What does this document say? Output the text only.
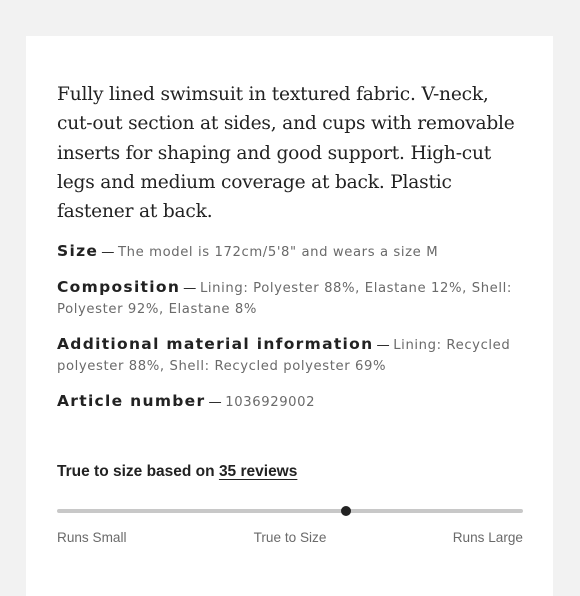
Fully lined swimsuit in textured fabric. V-neck, cut-out section at sides, and cups with removable inserts for shaping and good support. High-cut legs and medium coverage at back. Plastic fastener at back.

Size — The model is 172cm/5'8" and wears a size M

Composition — Lining: Polyester 88%, Elastane 12%, Shell: Polyester 92%, Elastane 8%

Additional material information — Lining: Recycled polyester 88%, Shell: Recycled polyester 69%

Article number — 1036929002

True to size based on 35 reviews

Runs Small	True to Size	Runs Large
